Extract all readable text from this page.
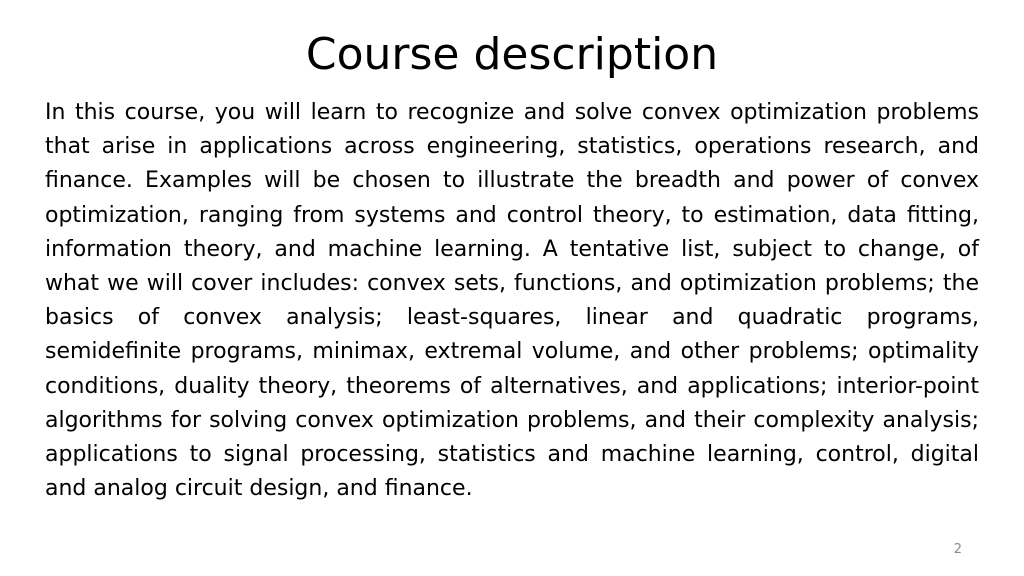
Course description

In this course, you will learn to recognize and solve convex optimization problems that arise in applications across engineering, statistics, operations research, and finance. Examples will be chosen to illustrate the breadth and power of convex optimization, ranging from systems and control theory, to estimation, data fitting, information theory, and machine learning. A tentative list, subject to change, of what we will cover includes: convex sets, functions, and optimization problems; the basics of convex analysis; least-squares, linear and quadratic programs, semidefinite programs, minimax, extremal volume, and other problems; optimality conditions, duality theory, theorems of alternatives, and applications; interior-point algorithms for solving convex optimization problems, and their complexity analysis; applications to signal processing, statistics and machine learning, control, digital and analog circuit design, and finance.

2
